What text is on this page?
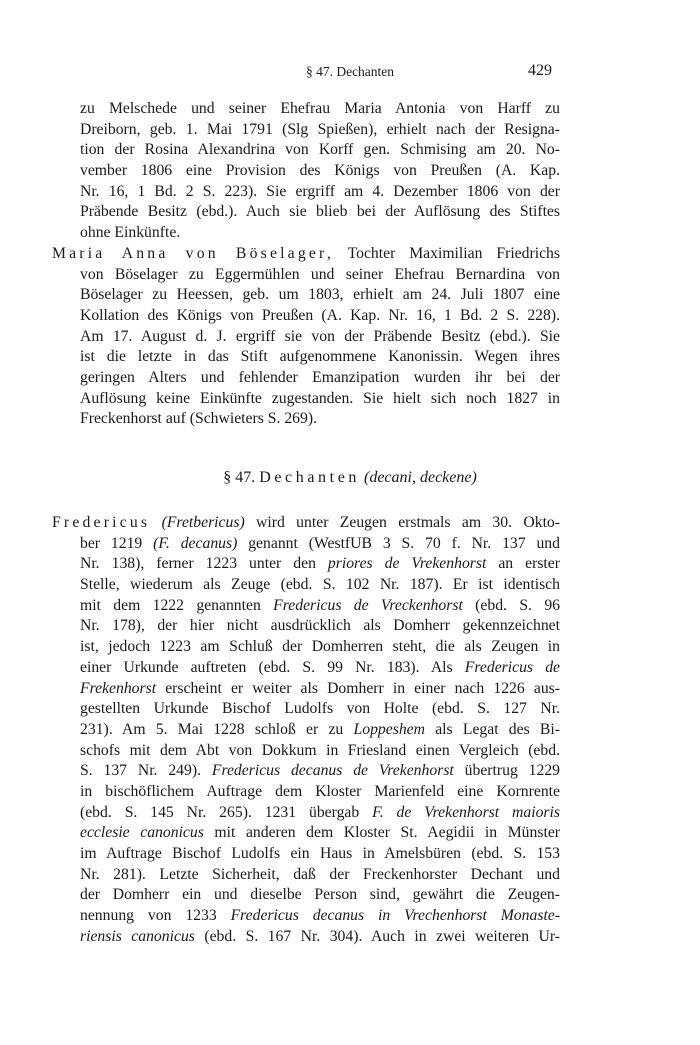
§ 47. Dechanten	429
zu Melschede und seiner Ehefrau Maria Antonia von Harff zu
Dreiborn, geb. 1. Mai 1791 (Slg Spießen), erhielt nach der Resigna-
tion der Rosina Alexandrina von Korff gen. Schmising am 20. No-
vember 1806 eine Provision des Königs von Preußen (A. Kap.
Nr. 16, 1 Bd. 2 S. 223). Sie ergriff am 4. Dezember 1806 von der
Präbende Besitz (ebd.). Auch sie blieb bei der Auflösung des Stiftes
ohne Einkünfte.
Maria Anna von Böselager, Tochter Maximilian Friedrichs
von Böselager zu Eggermühlen und seiner Ehefrau Bernardina von
Böselager zu Heessen, geb. um 1803, erhielt am 24. Juli 1807 eine
Kollation des Königs von Preußen (A. Kap. Nr. 16, 1 Bd. 2 S. 228).
Am 17. August d. J. ergriff sie von der Präbende Besitz (ebd.). Sie
ist die letzte in das Stift aufgenommene Kanonissin. Wegen ihres
geringen Alters und fehlender Emanzipation wurden ihr bei der
Auflösung keine Einkünfte zugestanden. Sie hielt sich noch 1827 in
Freckenhorst auf (Schwieters S. 269).
§ 47. Dechanten (decani, deckene)
Fredericus (Fretbericus) wird unter Zeugen erstmals am 30. Okto-
ber 1219 (F. decanus) genannt (WestfUB 3 S. 70 f. Nr. 137 und
Nr. 138), ferner 1223 unter den priores de Vrekenhorst an erster
Stelle, wiederum als Zeuge (ebd. S. 102 Nr. 187). Er ist identisch
mit dem 1222 genannten Fredericus de Vreckenhorst (ebd. S. 96
Nr. 178), der hier nicht ausdrücklich als Domherr gekennzeichnet
ist, jedoch 1223 am Schluß der Domherren steht, die als Zeugen in
einer Urkunde auftreten (ebd. S. 99 Nr. 183). Als Fredericus de
Frekenhorst erscheint er weiter als Domherr in einer nach 1226 aus-
gestellten Urkunde Bischof Ludolfs von Holte (ebd. S. 127 Nr.
231). Am 5. Mai 1228 schloß er zu Loppeshem als Legat des Bi-
schofs mit dem Abt von Dokkum in Friesland einen Vergleich (ebd.
S. 137 Nr. 249). Fredericus decanus de Vrekenhorst übertrug 1229
in bischöflichem Auftrage dem Kloster Marienfeld eine Kornrente
(ebd. S. 145 Nr. 265). 1231 übergab F. de Vrekenhorst maioris
ecclesie canonicus mit anderen dem Kloster St. Aegidii in Münster
im Auftrage Bischof Ludolfs ein Haus in Amelsbüren (ebd. S. 153
Nr. 281). Letzte Sicherheit, daß der Freckenhorster Dechant und
der Domherr ein und dieselbe Person sind, gewährt die Zeugen-
nennung von 1233 Fredericus decanus in Vrechenhorst Monaste-
riensis canonicus (ebd. S. 167 Nr. 304). Auch in zwei weiteren Ur-
